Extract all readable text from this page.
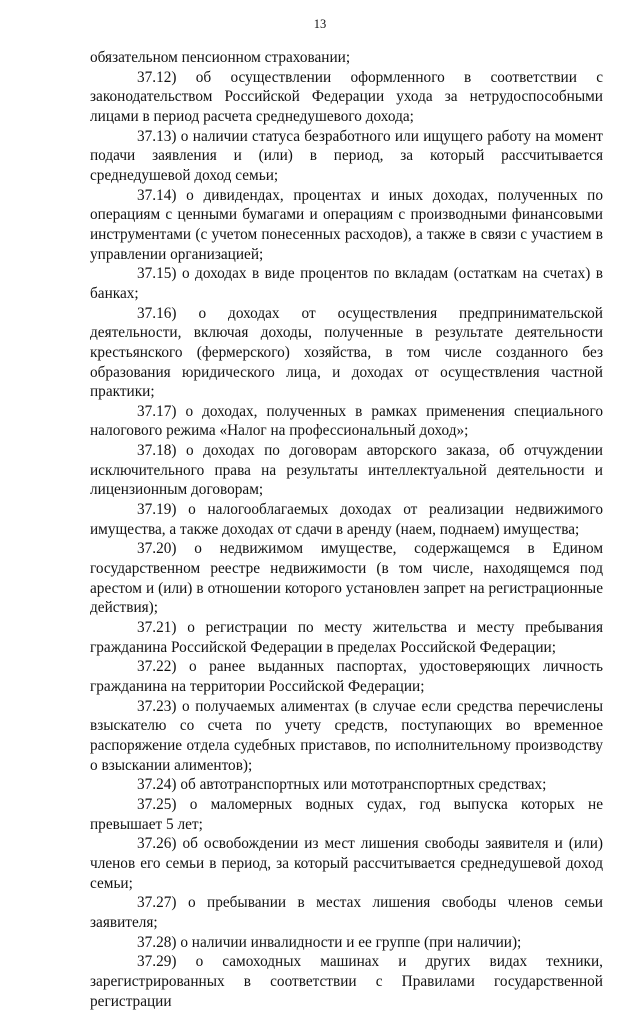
13

обязательном пенсионном страховании;

37.12) об осуществлении оформленного в соответствии с законодательством Российской Федерации ухода за нетрудоспособными лицами в период расчета среднедушевого дохода;

37.13) о наличии статуса безработного или ищущего работу на момент подачи заявления и (или) в период, за который рассчитывается среднедушевой доход семьи;

37.14) о дивидендах, процентах и иных доходах, полученных по операциям с ценными бумагами и операциям с производными финансовыми инструментами (с учетом понесенных расходов), а также в связи с участием в управлении организацией;

37.15) о доходах в виде процентов по вкладам (остаткам на счетах) в банках;

37.16) о доходах от осуществления предпринимательской деятельности, включая доходы, полученные в результате деятельности крестьянского (фермерского) хозяйства, в том числе созданного без образования юридического лица, и доходах от осуществления частной практики;

37.17) о доходах, полученных в рамках применения специального налогового режима «Налог на профессиональный доход»;

37.18) о доходах по договорам авторского заказа, об отчуждении исключительного права на результаты интеллектуальной деятельности и лицензионным договорам;

37.19) о налогооблагаемых доходах от реализации недвижимого имущества, а также доходах от сдачи в аренду (наем, поднаем) имущества;

37.20) о недвижимом имуществе, содержащемся в Едином государственном реестре недвижимости (в том числе, находящемся под арестом и (или) в отношении которого установлен запрет на регистрационные действия);

37.21) о регистрации по месту жительства и месту пребывания гражданина Российской Федерации в пределах Российской Федерации;

37.22) о ранее выданных паспортах, удостоверяющих личность гражданина на территории Российской Федерации;

37.23) о получаемых алиментах (в случае если средства перечислены взыскателю со счета по учету средств, поступающих во временное распоряжение отдела судебных приставов, по исполнительному производству о взыскании алиментов);

37.24) об автотранспортных или мототранспортных средствах;

37.25) о маломерных водных судах, год выпуска которых не превышает 5 лет;

37.26) об освобождении из мест лишения свободы заявителя и (или) членов его семьи в период, за который рассчитывается среднедушевой доход семьи;

37.27) о пребывании в местах лишения свободы членов семьи заявителя;

37.28) о наличии инвалидности и ее группе (при наличии);

37.29) о самоходных машинах и других видах техники, зарегистрированных в соответствии с Правилами государственной регистрации
